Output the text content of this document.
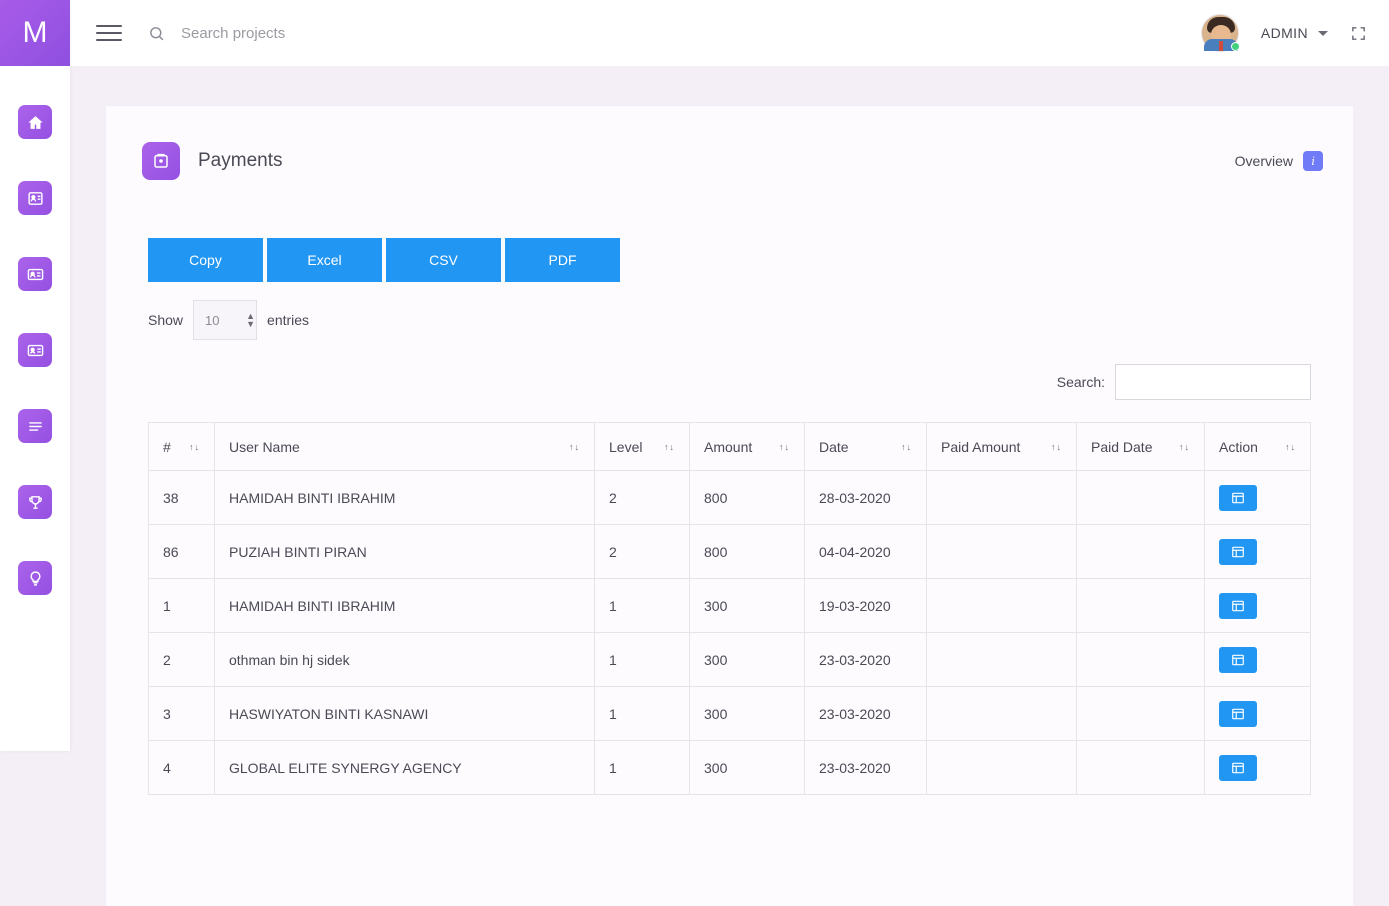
M
Search projects	ADMIN
Payments	Overview	i
Copy	Excel	CSV	PDF
Show
10	▲
▼ entries
Search:
# ↑↓	User Name ↑↓	Level ↑↓	Amount ↑↓	Date ↑↓	Paid Amount ↑↓	Paid Date ↑↓	Action ↑↓

38	HAMIDAH BINTI IBRAHIM	2	800	28-03-2020			

86	PUZIAH BINTI PIRAN	2	800	04-04-2020			

1	HAMIDAH BINTI IBRAHIM	1	300	19-03-2020			

2	othman bin hj sidek	1	300	23-03-2020			

3	HASWIYATON BINTI KASNAWI	1	300	23-03-2020			

4	GLOBAL ELITE SYNERGY AGENCY	1	300	23-03-2020			
